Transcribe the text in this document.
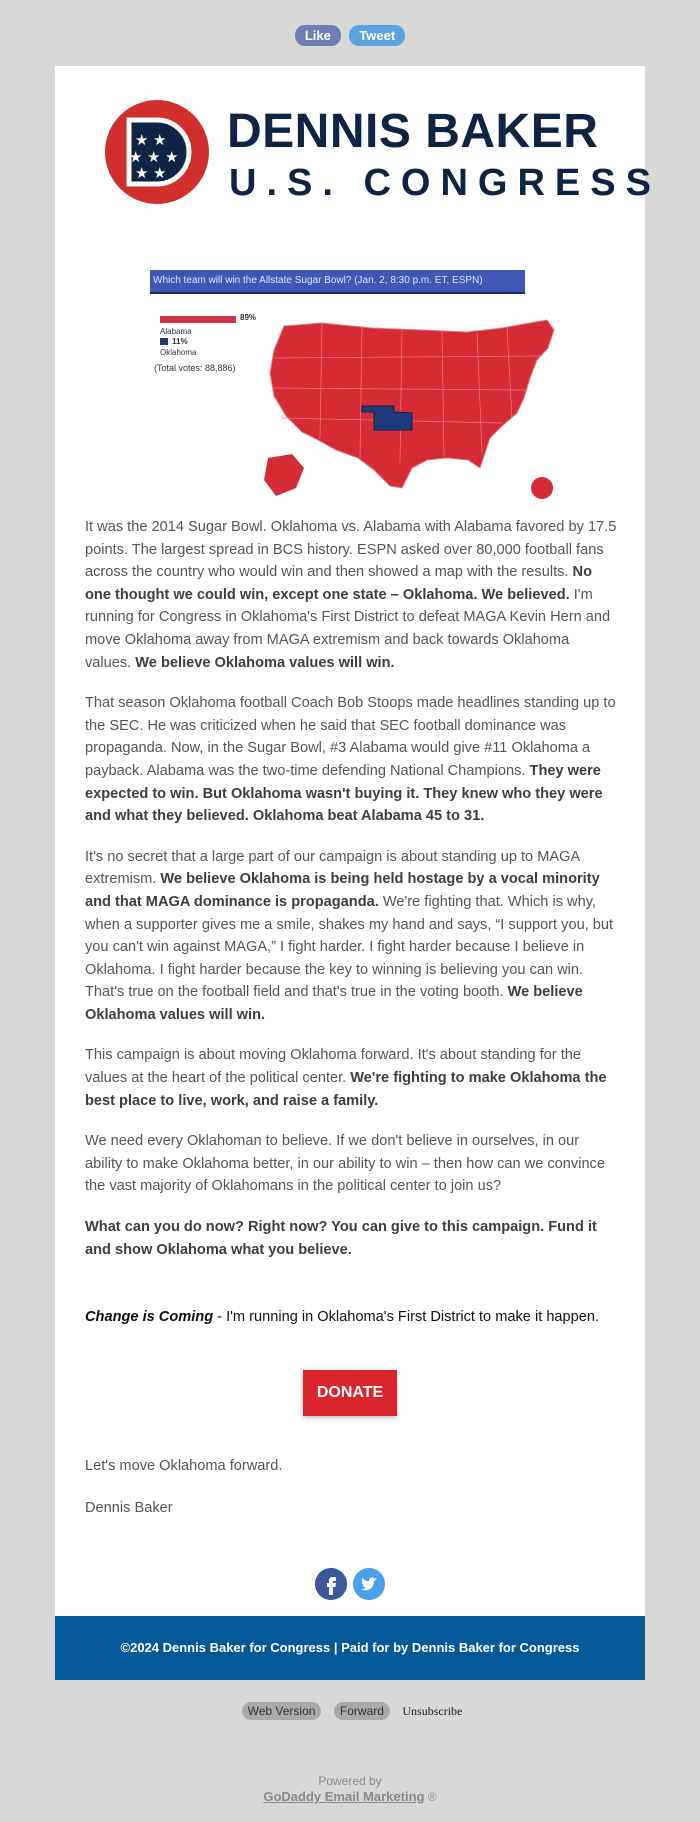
Like Tweet
★ ★
★ ★ ★
★ ★
DENNIS BAKER
U.S. CONGRESS
Which team will win the Allstate Sugar Bowl? (Jan. 2, 8:30 p.m. ET, ESPN)
89%
Alabama
11%
Oklahoma
(Total votes: 88,886)

It was the 2014 Sugar Bowl. Oklahoma vs. Alabama with Alabama favored by 17.5 points. The largest spread in BCS history. ESPN asked over 80,000 football fans across the country who would win and then showed a map with the results. No one thought we could win, except one state – Oklahoma. We believed. I'm running for Congress in Oklahoma's First District to defeat MAGA Kevin Hern and move Oklahoma away from MAGA extremism and back towards Oklahoma values. We believe Oklahoma values will win.

That season Oklahoma football Coach Bob Stoops made headlines standing up to the SEC. He was criticized when he said that SEC football dominance was propaganda. Now, in the Sugar Bowl, #3 Alabama would give #11 Oklahoma a payback. Alabama was the two-time defending National Champions. They were expected to win. But Oklahoma wasn't buying it. They knew who they were and what they believed. Oklahoma beat Alabama 45 to 31.

It's no secret that a large part of our campaign is about standing up to MAGA extremism. We believe Oklahoma is being held hostage by a vocal minority and that MAGA dominance is propaganda. We're fighting that. Which is why, when a supporter gives me a smile, shakes my hand and says, “I support you, but you can't win against MAGA,” I fight harder. I fight harder because I believe in Oklahoma. I fight harder because the key to winning is believing you can win. That's true on the football field and that's true in the voting booth. We believe Oklahoma values will win.

This campaign is about moving Oklahoma forward. It's about standing for the values at the heart of the political center. We're fighting to make Oklahoma the best place to live, work, and raise a family.

We need every Oklahoman to believe. If we don't believe in ourselves, in our ability to make Oklahoma better, in our ability to win – then how can we convince the vast majority of Oklahomans in the political center to join us?

What can you do now? Right now? You can give to this campaign. Fund it and show Oklahoma what you believe.

Change is Coming - I'm running in Oklahoma's First District to make it happen.
DONATE
Let's move Oklahoma forward.
Dennis Baker

©2024 Dennis Baker for Congress | Paid for by Dennis Baker for Congress
Web Version Forward Unsubscribe
Powered by
GoDaddy Email Marketing ®
